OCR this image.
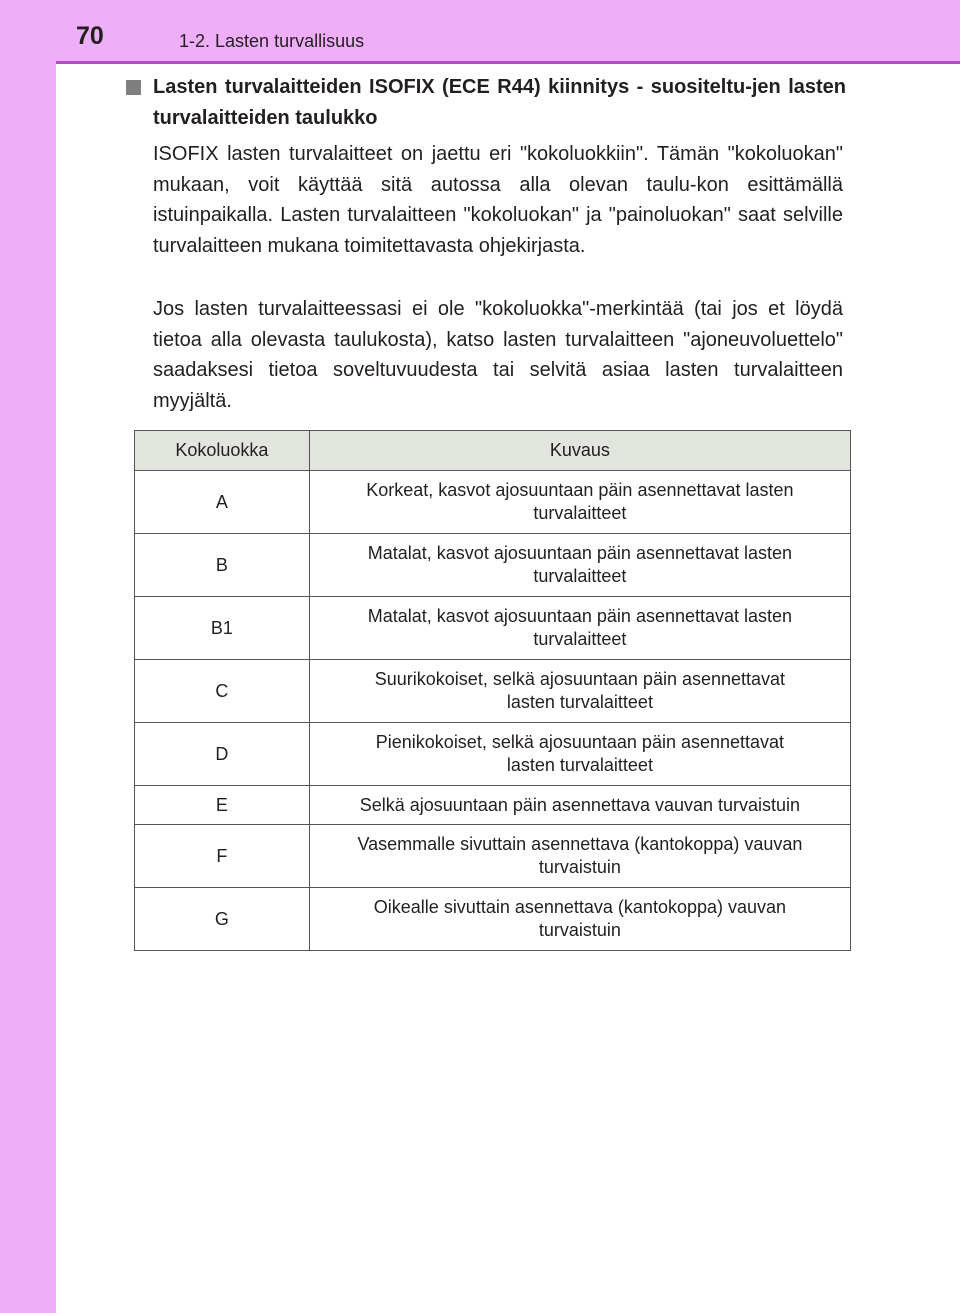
70	1-2. Lasten turvallisuus
Lasten turvalaitteiden ISOFIX (ECE R44) kiinnitys - suositeltu-jen lasten turvalaitteiden taulukko

ISOFIX lasten turvalaitteet on jaettu eri "kokoluokkiin". Tämän "kokoluokan" mukaan, voit käyttää sitä autossa alla olevan taulu-kon esittämällä istuinpaikalla. Lasten turvalaitteen "kokoluokan" ja "painoluokan" saat selville turvalaitteen mukana toimitettavasta ohjekirjasta.

Jos lasten turvalaitteessasi ei ole "kokoluokka"-merkintää (tai jos et löydä tietoa alla olevasta taulukosta), katso lasten turvalaitteen "ajoneuvoluettelo" saadaksesi tietoa soveltuvuudesta tai selvitä asiaa lasten turvalaitteen myyjältä.

Kokoluokka	Kuvaus
A	Korkeat, kasvot ajosuuntaan päin asennettavat lasten
turvalaitteet
B	Matalat, kasvot ajosuuntaan päin asennettavat lasten
turvalaitteet
B1	Matalat, kasvot ajosuuntaan päin asennettavat lasten
turvalaitteet
C	Suurikokoiset, selkä ajosuuntaan päin asennettavat
lasten turvalaitteet
D	Pienikokoiset, selkä ajosuuntaan päin asennettavat
lasten turvalaitteet
E	Selkä ajosuuntaan päin asennettava vauvan turvaistuin
F	Vasemmalle sivuttain asennettava (kantokoppa) vauvan
turvaistuin
G	Oikealle sivuttain asennettava (kantokoppa) vauvan
turvaistuin
